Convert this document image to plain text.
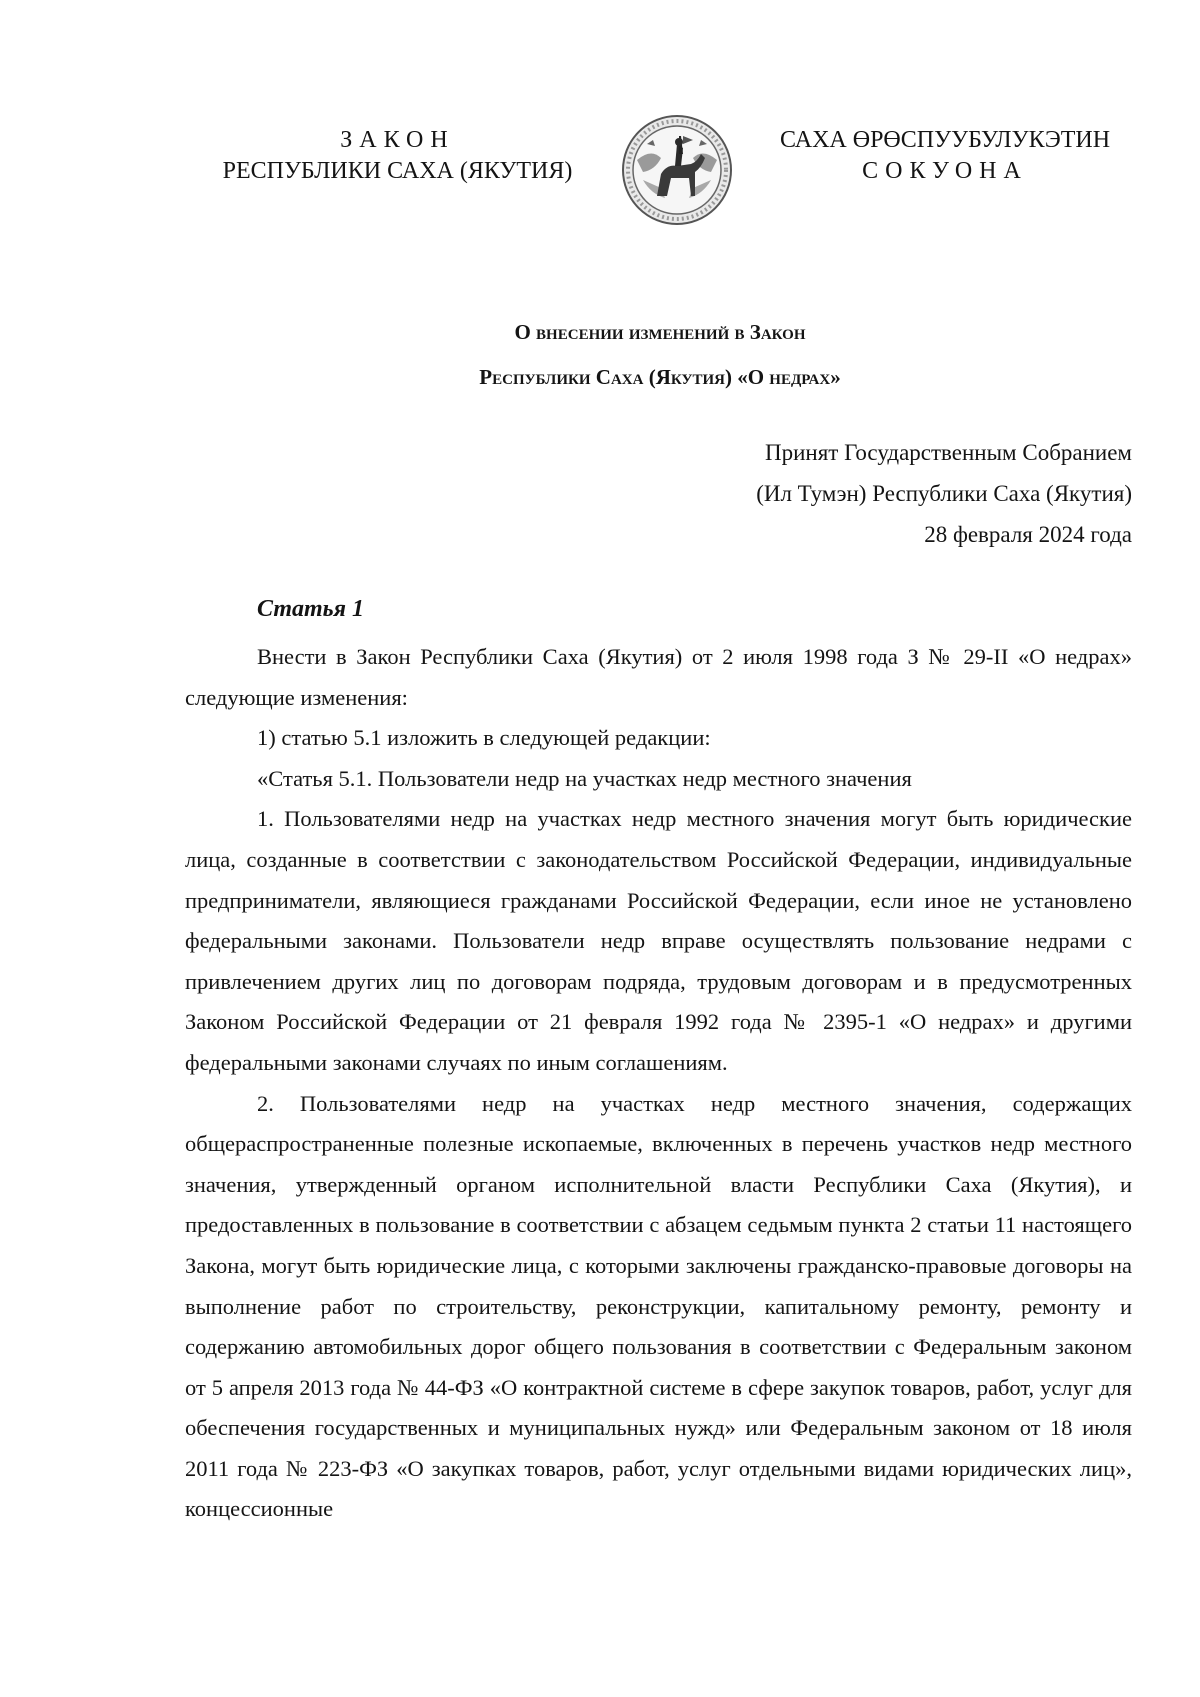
ЗАКОН
РЕСПУБЛИКИ САХА (ЯКУТИЯ)
САХА ӨРӨСПУУБУЛУКЭТИН
СОКУОНА
О внесении изменений в Закон
Республики Саха (Якутия) «О недрах»
Принят Государственным Собранием
(Ил Тумэн) Республики Саха (Якутия)
28 февраля 2024 года
Статья 1

Внести в Закон Республики Саха (Якутия) от 2 июля 1998 года З № 29-II «О недрах» следующие изменения:

1) статью 5.1 изложить в следующей редакции:

«Статья 5.1. Пользователи недр на участках недр местного значения

1. Пользователями недр на участках недр местного значения могут быть юридические лица, созданные в соответствии с законодательством Российской Федерации, индивидуальные предприниматели, являющиеся гражданами Российской Федерации, если иное не установлено федеральными законами. Пользователи недр вправе осуществлять пользование недрами с привлечением других лиц по договорам подряда, трудовым договорам и в предусмотренных Законом Российской Федерации от 21 февраля 1992 года № 2395-1 «О недрах» и другими федеральными законами случаях по иным соглашениям.

2. Пользователями недр на участках недр местного значения, содержащих общераспространенные полезные ископаемые, включенных в перечень участков недр местного значения, утвержденный органом исполнительной власти Республики Саха (Якутия), и предоставленных в пользование в соответствии с абзацем седьмым пункта 2 статьи 11 настоящего Закона, могут быть юридические лица, с которыми заключены гражданско-правовые договоры на выполнение работ по строительству, реконструкции, капитальному ремонту, ремонту и содержанию автомобильных дорог общего пользования в соответствии с Федеральным законом от 5 апреля 2013 года № 44-ФЗ «О контрактной системе в сфере закупок товаров, работ, услуг для обеспечения государственных и муниципальных нужд» или Федеральным законом от 18 июля 2011 года № 223-ФЗ «О закупках товаров, работ, услуг отдельными видами юридических лиц», концессионные
